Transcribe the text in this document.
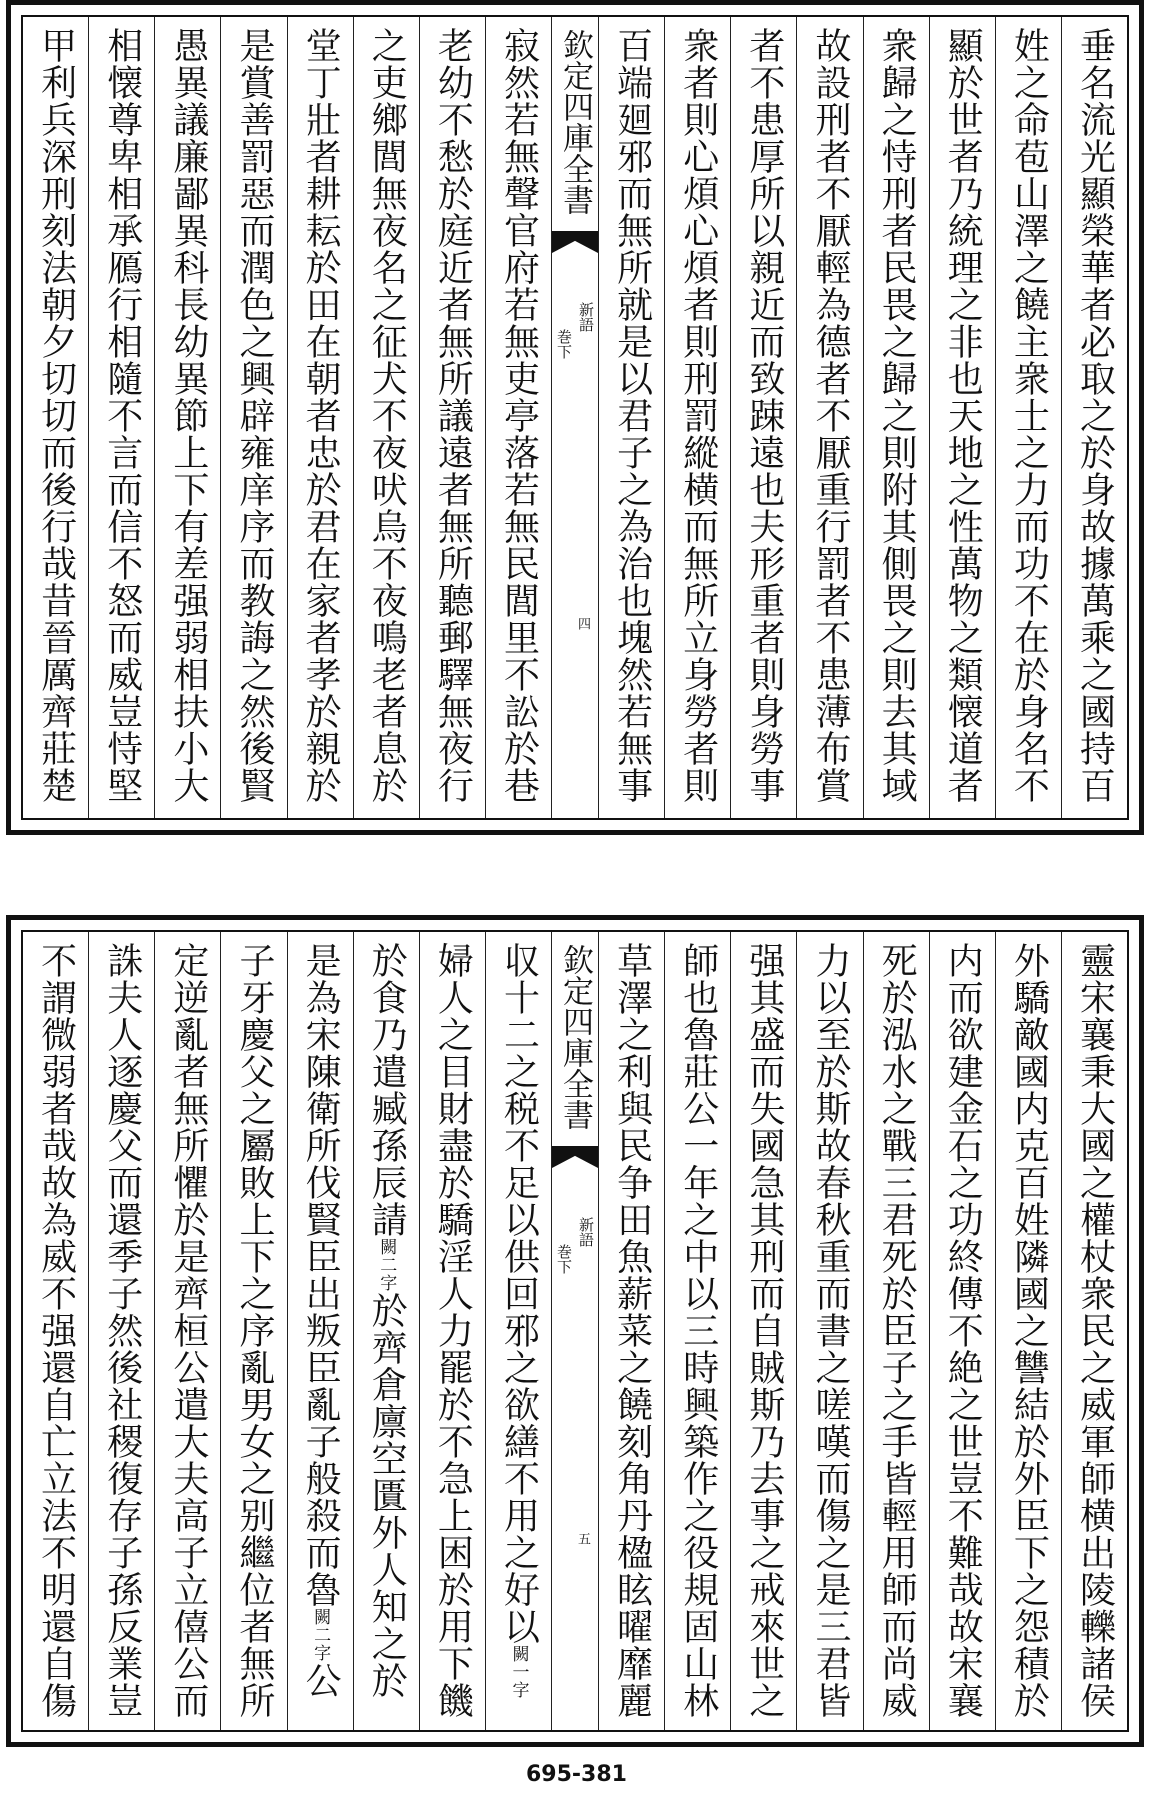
垂名流光顯榮華者必取之於身故據萬乘之國持百
姓之命苞山澤之饒主衆士之力而功不在於身名不
顯於世者乃統理之非也天地之性萬物之類懐道者
衆歸之恃刑者民畏之歸之則附其側畏之則去其域
故設刑者不厭輕為德者不厭重行罰者不患薄布賞
者不患厚所以親近而致踈遠也夫形重者則身勞事
衆者則心煩心煩者則刑罰縱横而無所立身勞者則
百端廻邪而無所就是以君子之為治也塊然若無事
欽定四庫全書
新語
巻下
四
寂然若無聲官府若無吏亭落若無民閭里不訟於巷
老幼不愁於庭近者無所議遠者無所聽郵驛無夜行
之吏鄉閭無夜名之征犬不夜吠烏不夜鳴老者息於
堂丁壯者耕耘於田在朝者忠於君在家者孝於親於
是賞善罰惡而潤色之興辟雍庠序而教誨之然後賢
愚異議廉鄙異科長幼異節上下有差强弱相扶小大
相懐尊卑相承鴈行相隨不言而信不怒而威豈恃堅
甲利兵深刑刻法朝夕切切而後行哉昔晉厲齊莊楚
靈宋襄秉大國之權杖衆民之威軍師横出陵轢諸侯
外驕敵國内克百姓隣國之讐結於外臣下之怨積於
内而欲建金石之功終傳不絶之世豈不難哉故宋襄
死於泓水之戰三君死於臣子之手皆輕用師而尚威
力以至於斯故春秋重而書之嗟嘆而傷之是三君皆
强其盛而失國急其刑而自賊斯乃去事之戒來世之
師也魯莊公一年之中以三時興築作之役規固山林
草澤之利與民争田魚薪菜之饒刻角丹楹眩曜靡麗
欽定四庫全書
新語
巻下
五
収十二之税不足以供回邪之欲繕不用之好以闕一字
婦人之目財盡於驕淫人力罷於不急上困於用下饑
於食乃遣臧孫辰請闕二字於齊倉廪空匱外人知之於
是為宋陳衛所伐賢臣出叛臣亂子般殺而魯闕二字公
子牙慶父之屬敗上下之序亂男女之别繼位者無所
定逆亂者無所懼於是齊桓公遣大夫高子立僖公而
誅夫人逐慶父而還季子然後社稷復存子孫反業豈
不謂微弱者哉故為威不强還自亡立法不明還自傷
695-381
